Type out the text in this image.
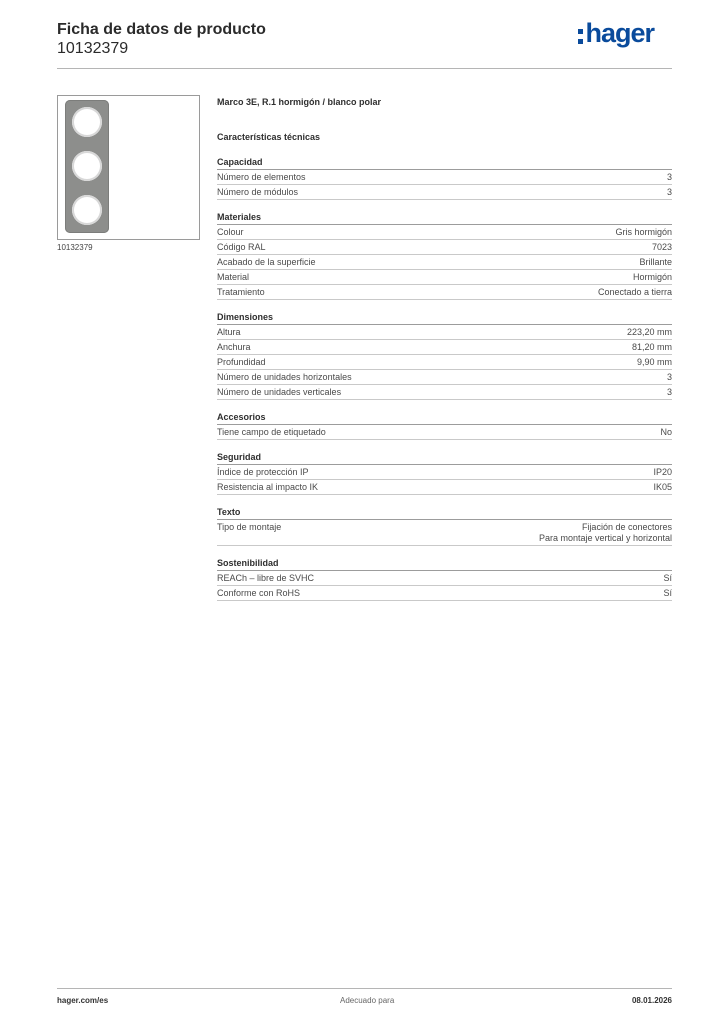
Ficha de datos de producto
10132379
hager
10132379
Marco 3E, R.1 hormigón / blanco polar
Características técnicas
Capacidad
Número de elementos	3
Número de módulos	3
Materiales
Colour	Gris hormigón
Código RAL	7023
Acabado de la superficie	Brillante
Material	Hormigón
Tratamiento	Conectado a tierra
Dimensiones
Altura	223,20 mm
Anchura	81,20 mm
Profundidad	9,90 mm
Número de unidades horizontales	3
Número de unidades verticales	3
Accesorios
Tiene campo de etiquetado	No
Seguridad
Índice de protección IP	IP20
Resistencia al impacto IK	IK05
Texto
Tipo de montaje	Fijación de conectores
Para montaje vertical y horizontal
Sostenibilidad
REACh – libre de SVHC	Sí
Conforme con RoHS	Sí
hager.com/es	Adecuado para	08.01.2026
